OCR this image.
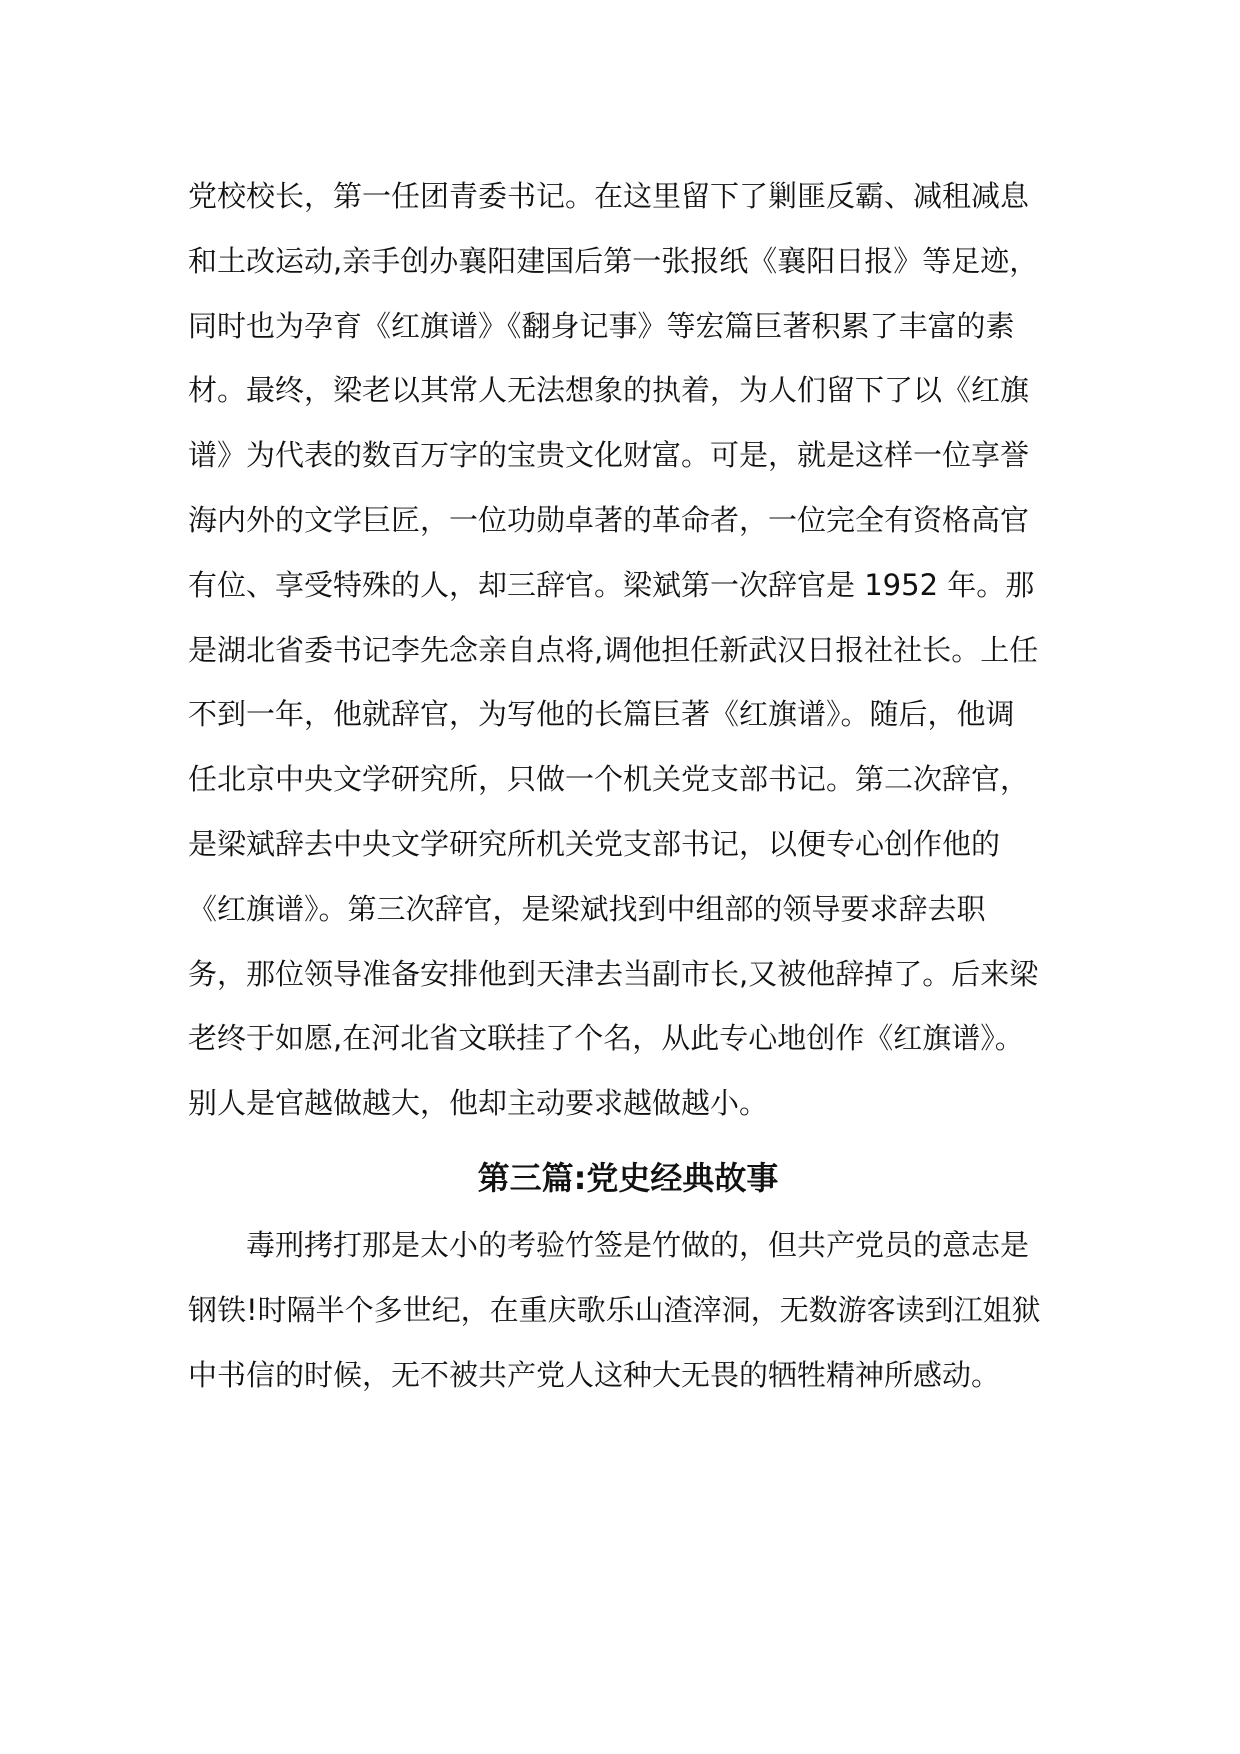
党校校长，第一任团青委书记。在这里留下了剿匪反霸、减租减息
和土改运动,亲手创办襄阳建国后第一张报纸《襄阳日报》等足迹，
同时也为孕育《红旗谱》《翻身记事》等宏篇巨著积累了丰富的素
材。最终，梁老以其常人无法想象的执着，为人们留下了以《红旗
谱》为代表的数百万字的宝贵文化财富。可是，就是这样一位享誉
海内外的文学巨匠，一位功勋卓著的革命者，一位完全有资格高官
有位、享受特殊的人，却三辞官。梁斌第一次辞官是 1952 年。那
是湖北省委书记李先念亲自点将,调他担任新武汉日报社社长。上任
不到一年，他就辞官，为写他的长篇巨著《红旗谱》。随后，他调
任北京中央文学研究所，只做一个机关党支部书记。第二次辞官，
是梁斌辞去中央文学研究所机关党支部书记，以便专心创作他的
《红旗谱》。第三次辞官，是梁斌找到中组部的领导要求辞去职
务，那位领导准备安排他到天津去当副市长,又被他辞掉了。后来梁
老终于如愿,在河北省文联挂了个名，从此专心地创作《红旗谱》。
别人是官越做越大，他却主动要求越做越小。
第三篇:党史经典故事
毒刑拷打那是太小的考验竹签是竹做的，但共产党员的意志是
钢铁!时隔半个多世纪，在重庆歌乐山渣滓洞，无数游客读到江姐狱
中书信的时候，无不被共产党人这种大无畏的牺牲精神所感动。
